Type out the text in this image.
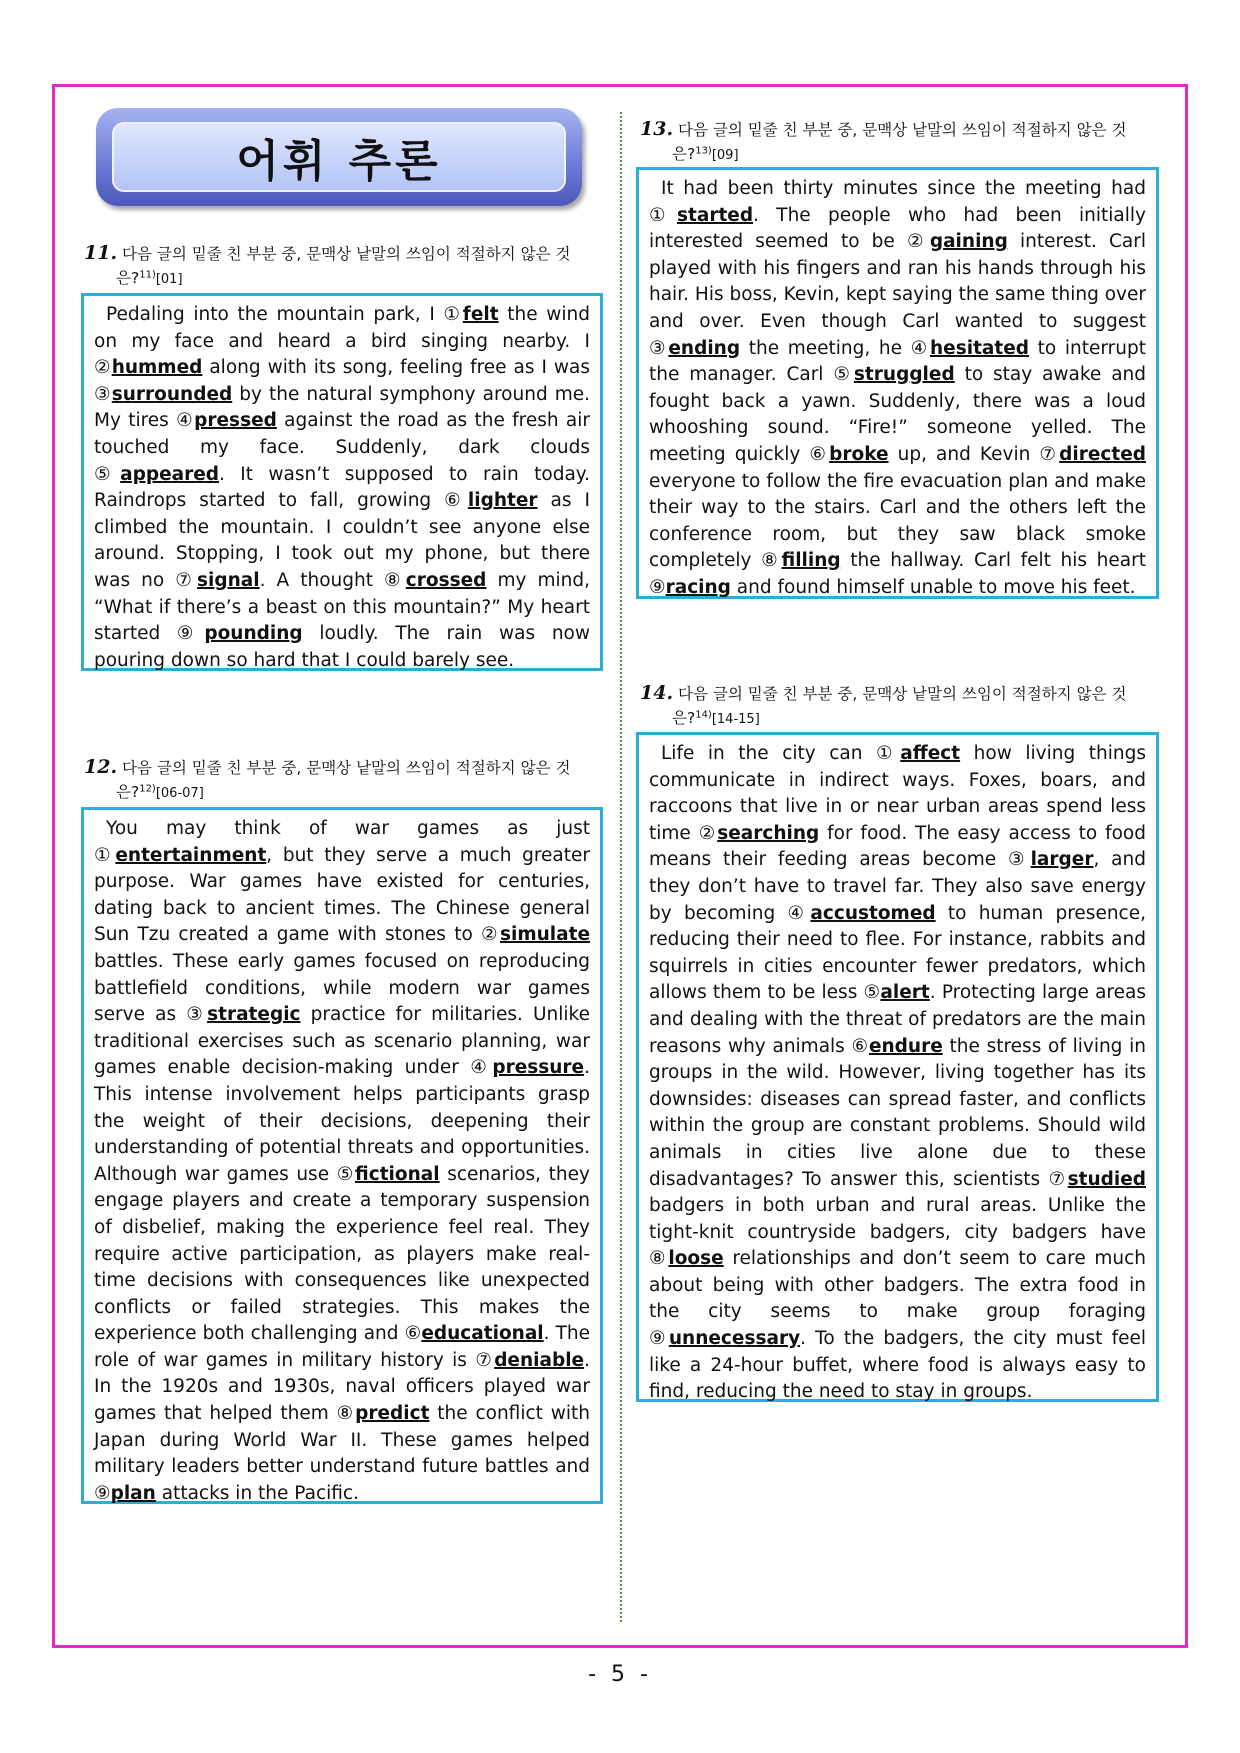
어휘 추론
11. 다음 글의 밑줄 친 부분 중, 문맥상 낱말의 쓰임이 적절하지 않은 것
은?$^{11)}$[01]

Pedaling into the mountain park, I ①felt the wind on my face and heard a bird singing nearby. I ②hummed along with its song, feeling free as I was ③surrounded by the natural symphony around me. My tires ④pressed against the road as the fresh air touched my face. Suddenly, dark clouds ⑤appeared. It wasn’t supposed to rain today. Raindrops started to fall, growing ⑥lighter as I climbed the mountain. I couldn’t see anyone else around. Stopping, I took out my phone, but there was no ⑦signal. A thought ⑧crossed my mind, “What if there’s a beast on this mountain?” My heart started ⑨pounding loudly. The rain was now pouring down so hard that I could barely see.

12. 다음 글의 밑줄 친 부분 중, 문맥상 낱말의 쓰임이 적절하지 않은 것
은?$^{12)}$[06-07]

You may think of war games as just ①entertainment, but they serve a much greater purpose. War games have existed for centuries, dating back to ancient times. The Chinese general Sun Tzu created a game with stones to ②simulate battles. These early games focused on reproducing battlefield conditions, while modern war games serve as ③strategic practice for militaries. Unlike traditional exercises such as scenario planning, war games enable decision-making under ④pressure. This intense involvement helps participants grasp the weight of their decisions, deepening their understanding of potential threats and opportunities. Although war games use ⑤fictional scenarios, they engage players and create a temporary suspension of disbelief, making the experience feel real. They require active participation, as players make real-time decisions with consequences like unexpected conflicts or failed strategies. This makes the experience both challenging and ⑥educational. The role of war games in military history is ⑦deniable. In the 1920s and 1930s, naval officers played war games that helped them ⑧predict the conflict with Japan during World War II. These games helped military leaders better understand future battles and ⑨plan attacks in the Pacific.

13. 다음 글의 밑줄 친 부분 중, 문맥상 낱말의 쓰임이 적절하지 않은 것
은?$^{13)}$[09]

It had been thirty minutes since the meeting had ①started. The people who had been initially interested seemed to be ②gaining interest. Carl played with his fingers and ran his hands through his hair. His boss, Kevin, kept saying the same thing over and over. Even though Carl wanted to suggest ③ending the meeting, he ④hesitated to interrupt the manager. Carl ⑤struggled to stay awake and fought back a yawn. Suddenly, there was a loud whooshing sound. “Fire!” someone yelled. The meeting quickly ⑥broke up, and Kevin ⑦directed everyone to follow the fire evacuation plan and make their way to the stairs. Carl and the others left the conference room, but they saw black smoke completely ⑧filling the hallway. Carl felt his heart ⑨racing and found himself unable to move his feet.

14. 다음 글의 밑줄 친 부분 중, 문맥상 낱말의 쓰임이 적절하지 않은 것
은?$^{14)}$[14-15]

Life in the city can ①affect how living things communicate in indirect ways. Foxes, boars, and raccoons that live in or near urban areas spend less time ②searching for food. The easy access to food means their feeding areas become ③larger, and they don’t have to travel far. They also save energy by becoming ④accustomed to human presence, reducing their need to flee. For instance, rabbits and squirrels in cities encounter fewer predators, which allows them to be less ⑤alert. Protecting large areas and dealing with the threat of predators are the main reasons why animals ⑥endure the stress of living in groups in the wild. However, living together has its downsides: diseases can spread faster, and conflicts within the group are constant problems. Should wild animals in cities live alone due to these disadvantages? To answer this, scientists ⑦studied badgers in both urban and rural areas. Unlike the tight-knit countryside badgers, city badgers have ⑧loose relationships and don’t seem to care much about being with other badgers. The extra food in the city seems to make group foraging ⑨unnecessary. To the badgers, the city must feel like a 24-hour buffet, where food is always easy to find, reducing the need to stay in groups.

- 5 -
